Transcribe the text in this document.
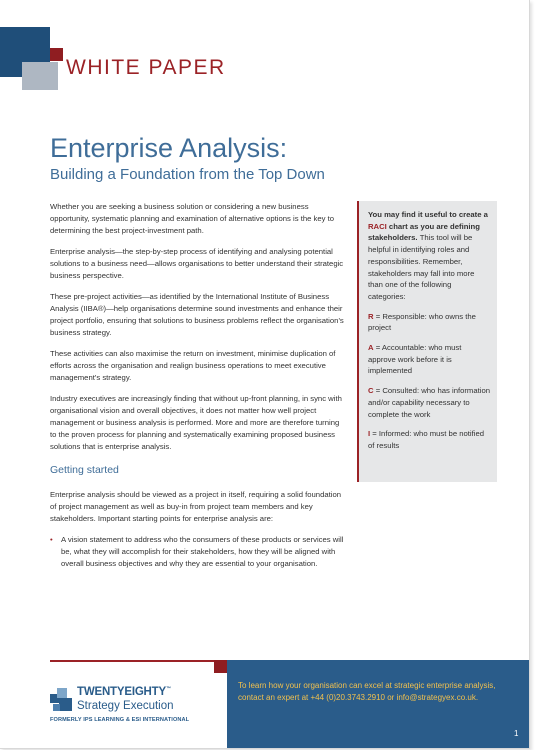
WHITE PAPER
Enterprise Analysis:
Building a Foundation from the Top Down

Whether you are seeking a business solution or considering a new business opportunity, systematic planning and examination of alternative options is the key to determining the best project-investment path.

Enterprise analysis—the step-by-step process of identifying and analysing potential solutions to a business need—allows organisations to better understand their strategic business perspective.

These pre-project activities—as identified by the International Institute of Business Analysis (IIBA®)—help organisations determine sound investments and enhance their project portfolio, ensuring that solutions to business problems reflect the organisation's business strategy.

These activities can also maximise the return on investment, minimise duplication of efforts across the organisation and realign business operations to meet executive management's strategy.

Industry executives are increasingly finding that without up-front planning, in sync with organisational vision and overall objectives, it does not matter how well project management or business analysis is performed. More and more are therefore turning to the proven process for planning and systematically examining proposed business solutions that is enterprise analysis.

Getting started

Enterprise analysis should be viewed as a project in itself, requiring a solid foundation of project management as well as buy-in from project team members and key stakeholders. Important starting points for enterprise analysis are:

• A vision statement to address who the consumers of these products or services will be, what they will accomplish for their stakeholders, how they will be aligned with overall business objectives and why they are essential to your organisation.

You may find it useful to create a RACI chart as you are defining stakeholders. This tool will be helpful in identifying roles and responsibilities. Remember, stakeholders may fall into more than one of the following categories:

R = Responsible: who owns the project

A = Accountable: who must approve work before it is implemented

C = Consulted: who has information and/or capability necessary to complete the work

I = Informed: who must be notified of results

To learn how your organisation can excel at strategic enterprise analysis, contact an expert at +44 (0)20.3743.2910 or info@strategyex.co.uk.
1
TWENTYEIGHTY™
Strategy Execution
FORMERLY IPS LEARNING & ESI INTERNATIONAL
